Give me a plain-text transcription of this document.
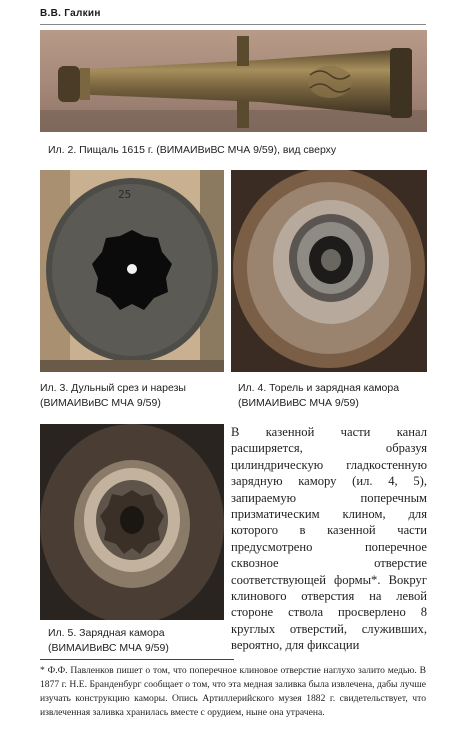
В.В. Галкин
Ил. 2. Пищаль 1615 г. (ВИМАИВиВС МЧА 9/59), вид сверху
25
Ил. 3. Дульный срез и нарезы
(ВИМАИВиВС МЧА 9/59)
Ил. 4. Торель и зарядная камора
(ВИМАИВиВС МЧА 9/59)
Ил. 5. Зарядная камора
(ВИМАИВиВС МЧА 9/59)
В казенной части канал расширяется, образуя цилиндрическую гладкостенную зарядную камору (ил. 4, 5), запираемую поперечным призматическим клином, для которого в казенной части предусмотрено поперечное сквозное отверстие соответствующей формы*. Вокруг клинового отверстия на левой стороне ствола просверлено 8 круглых отверстий, служивших, вероятно, для фиксации
* Ф.Ф. Павленков пишет о том, что поперечное клиновое отверстие наглухо залито медью. В 1877 г. Н.Е. Бранденбург сообщает о том, что эта медная заливка была извлечена, дабы лучше изучать конструкцию каморы. Опись Артиллерийского музея 1882 г. свидетельствует, что извлеченная заливка хранилась вместе с орудием, ныне она утрачена.
